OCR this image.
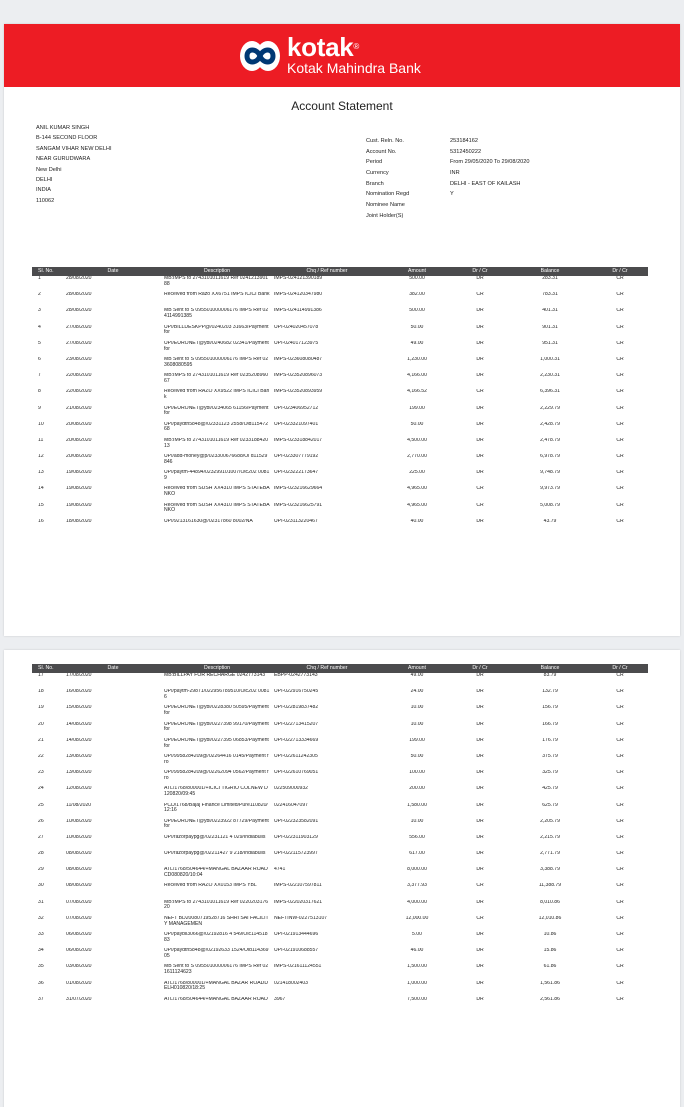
kotak®
Kotak Mahindra Bank
Account Statement
ANIL KUMAR SINGH
B-144 SECOND FLOOR
SANGAM VIHAR NEW DELHI
NEAR GURUDWARA
New Delhi
DELHI
INDIA
110062
Cust. Reln. No.	253184162
Account No.	5312450222
Period	From 29/05/2020 To 29/08/2020
Currency	INR
Branch	DELHI - EAST OF KAILASH
Nomination Regd	Y
Nominee Name
Joint Holder(S)
Sl. No.	Date	Description	Chq / Ref number	Amount	Dr / Cr	Balance	Dr / Cr
1	28/08/2020	MB:IMPS to 2743101011619 Ref 024121390188	IMPS-024121390189	500.00	DR	283.31	CR
2	28/08/2020	Received from Razo XX6751 IMPS ICICI Bank	IMPS-024120347980	382.00	CR	783.31	CR
3	28/08/2020	MB Sent to S 095501000006176 IMPS Ref 024114991385	IMPS-024114991386	500.00	DR	401.31	CR
4	27/08/2020	UPI/BILLDESKPP@/0240203 31663/Payment for	UPI-024020457078	50.00	DR	901.31	CR
5	27/08/2020	UPI/EURONET@ybl/0240682 02341/Payment for	UPI-024017123975	49.00	DR	951.31	CR
6	23/08/2020	MB Sent to S 095501000006176 IMPS Ref 023608080595	IMPS-023608080487	1,230.00	DR	1,000.31	CR
7	22/08/2020	MB:IMPS to 2743101011619 Ref 023520896067	IMPS-023520896073	4,166.00	DR	2,230.31	CR
8	22/08/2020	Received from RAZO XX9522 IMPS ICICI Bank	IMPS-023520893959	4,166.52	CR	6,396.31	CR
9	21/08/2020	UPI/EURONET@ybl/0234065 61156/Payment for	UPI-023406952712	199.00	DR	2,229.79	CR
10	20/08/2020	UPI/paydth5848@/02331123 2558/Oid11547268	UPI-023321097401	50.00	DR	2,428.79	CR
11	20/08/2020	MB:IMPS to 2743101011619 Ref 023318842013	IMPS-023318842017	4,500.00	DR	2,478.79	CR
12	20/08/2020	UPI/add-money@p/023300676688/Oi d11529846	UPI-023307779192	2,770.00	DR	6,978.79	CR
13	19/08/2020	UPI/paytm-44894/023299101007/Oic202 00819	UPI-023222173647	225.00	DR	9,748.79	CR
14	19/08/2020	Received from SUSH XX4310 IMPS STATEBANKO	IMPS-023216629664	4,965.00	CR	9,973.79	CR
15	19/08/2020	Received from SUSH XX4310 IMPS STATEBANKO	IMPS-023216625791	4,965.00	CR	5,008.79	CR
16	18/08/2020	UPI/9213161630@/02317860 8002/NA	UPI-023113220467	40.00	DR	43.79	CR
Sl. No.	Date	Description	Chq / Ref number	Amount	Dr / Cr	Balance	Dr / Cr
17	17/08/2020	MB:BILLPAY FOR RECHARGE 0242773143	EBPP-0242773143	49.00	DR	83.79	CR
18	16/08/2020	UPI/paytm-29871/022956789510/Oic202 00816	UPI-022916750245	24.00	DR	132.79	CR
19	15/08/2020	UPI/EURONET@ybl/0228380 50595/Payment for	UPI-022819837482	10.00	DR	156.79	CR
20	14/08/2020	UPI/EURONET@ybl/0227398 99170/Payment for	UPI-022713415207	10.00	DR	166.79	CR
21	14/08/2020	UPI/EURONET@ybl/0227395 06853/Payment for	UPI-022713334669	199.00	DR	176.79	CR
22	13/08/2020	UPI/9958284209@/02264416 0145/Payment fro	UPI-022611242305	50.00	DR	375.79	CR
23	13/08/2020	UPI/9958284209@/02262094 0562/Payment fro	UPI-022610769051	100.00	DR	325.79	CR
24	12/08/2020	ATL/1768/800001/+ICICI TIGRIO COLNEW D120820/09:45	022509000932	200.00	DR	425.79	CR
25	11/08/2020	PCD/1768/Bajaj Finance Limited/Pure110820/12:16	022416047097	1,580.00	DR	625.79	CR
26	10/08/2020	UPI/EURONET@ybl/0223922 87729/Payment for	UPI-022323582091	10.00	DR	2,205.79	CR
27	10/08/2020	UPI/razorpaypg@/02231121 4 029/Indiabulls	UPI-022311903129	556.00	DR	2,215.79	CR
28	08/08/2020	UPI/razorpaypg@/02211427 9 218/Indiabulls	UPI-022115723997	617.00	DR	2,771.79	CR
29	08/08/2020	ATL/1768/504644/+MANGAL BAZAAR ROAD CD080820/10:04	4741	8,000.00	DR	3,388.79	CR
30	08/08/2020	Received from RAZO XX0153 IMPS YBL	IMPS-022107597811	3,377.93	CR	11,388.79	CR
31	07/08/2020	MB:IMPS to 2743101011619 Ref 022020317620	IMPS-022020317621	4,000.00	DR	8,010.86	CR
32	07/08/2020	NEFT BD20080719528716 SHRI SAI FACILITY MANAGEMEN	NEFTINW-0227513107	12,000.00	CR	12,010.86	CR
33	06/08/2020	UPI/paybil3066@/02192816 4 549/Oic11451883	UPI-021913444696	5.00	DR	10.86	CR
34	06/08/2020	UPI/paydth5848@/02192633 1524/Oid11436905	UPI-021910688557	46.00	DR	15.86	CR
35	03/08/2020	MB Sent to S 095501000006176 IMPS Ref 021611124623	IMPS-021611124551	1,500.00	DR	61.86	CR
36	01/08/2020	ATL/1768/800001/+MANGAL BAZAR ROADDELH010820/18:25	021418002403	1,000.00	DR	1,561.86	CR
37	31/07/2020	ATL/1768/504644/+MANGAL BAZAAR ROAD	3967	7,500.00	DR	2,561.86	CR
